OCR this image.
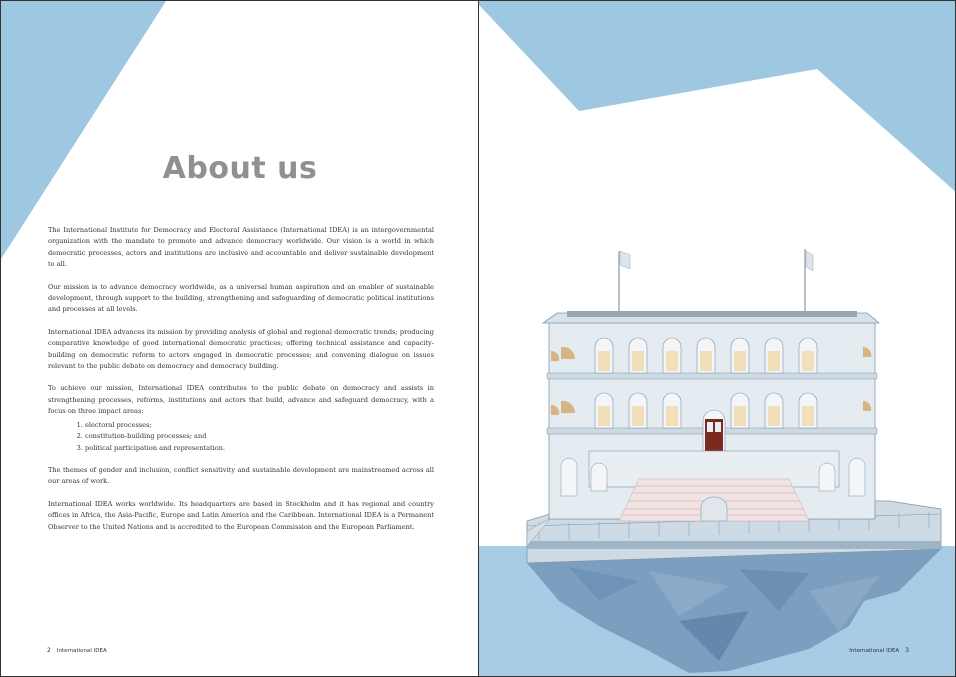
About us

The International Institute for Democracy and Electoral Assistance (International IDEA) is an intergovernmental organization with the mandate to promote and advance democracy worldwide. Our vision is a world in which democratic processes, actors and institutions are inclusive and accountable and deliver sustainable development to all.

Our mission is to advance democracy worldwide, as a universal human aspiration and an enabler of sustainable development, through support to the building, strengthening and safeguarding of democratic political institutions and processes at all levels.

International IDEA advances its mission by providing analysis of global and regional democratic trends; producing comparative knowledge of good international democratic practices; offering technical assistance and capacity-building on democratic reform to actors engaged in democratic processes; and convening dialogue on issues relevant to the public debate on democracy and democracy building.

To achieve our mission, International IDEA contributes to the public debate on democracy and assists in strengthening processes, reforms, institutions and actors that build, advance and safeguard democracy, with a focus on three impact areas:

1. electoral processes;
2. constitution-building processes; and
3. political participation and representation.

The themes of gender and inclusion, conflict sensitivity and sustainable development are mainstreamed across all our areas of work.

International IDEA works worldwide. Its headquarters are based in Stockholm and it has regional and country offices in Africa, the Asia-Pacific, Europe and Latin America and the Caribbean. International IDEA is a Permanent Observer to the United Nations and is accredited to the European Commission and the European Parliament.

2 International IDEA	International IDEA 3
